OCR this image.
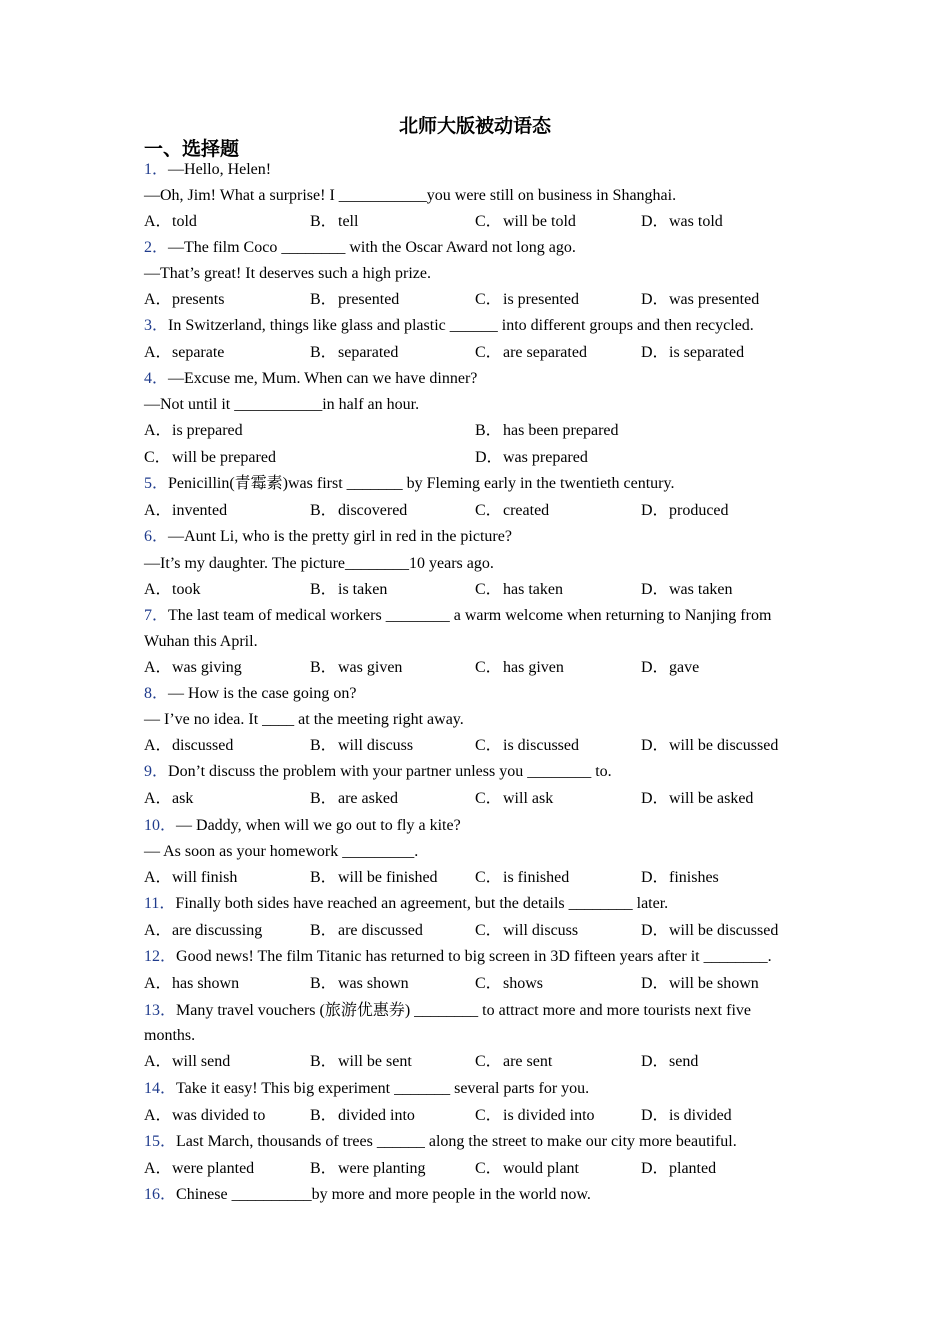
北师大版被动语态
一、选择题
1．—Hello, Helen!
—Oh, Jim! What a surprise! I ___________you were still on business in Shanghai.
A．told	B．tell	C．will be told	D．was told
2．—The film Coco ________ with the Oscar Award not long ago.
—That’s great! It deserves such a high prize.
A．presents	B．presented	C．is presented	D．was presented
3．In Switzerland, things like glass and plastic ______ into different groups and then recycled.
A．separate	B．separated	C．are separated	D．is separated
4．—Excuse me, Mum. When can we have dinner?
—Not until it ___________in half an hour.
A．is prepared	B．has been prepared
C．will be prepared	D．was prepared
5．Penicillin(青霉素)was first _______ by Fleming early in the twentieth century.
A．invented	B．discovered	C．created	D．produced
6．—Aunt Li, who is the pretty girl in red in the picture?
—It’s my daughter. The picture________10 years ago.
A．took	B．is taken	C．has taken	D．was taken
7．The last team of medical workers ________ a warm welcome when returning to Nanjing from
Wuhan this April.
A．was giving	B．was given	C．has given	D．gave
8．— How is the case going on?
— I’ve no idea. It ____ at the meeting right away.
A．discussed	B．will discuss	C．is discussed	D．will be discussed
9．Don’t discuss the problem with your partner unless you ________ to.
A．ask	B．are asked	C．will ask	D．will be asked
10．— Daddy, when will we go out to fly a kite?
— As soon as your homework _________.
A．will finish	B．will be finished C．is finished	D．finishes
11．Finally both sides have reached an agreement, but the details ________ later.
A．are discussing	B．are discussed	C．will discuss	D．will be discussed
12．Good news! The film Titanic has returned to big screen in 3D fifteen years after it ________.
A．has shown	B．was shown	C．shows	D．will be shown
13．Many travel vouchers (旅游优惠券) ________ to attract more and more tourists next five
months.
A．will send	B．will be sent	C．are sent	D．send
14．Take it easy! This big experiment _______ several parts for you.
A．was divided to	B．divided into	C．is divided into	D．is divided
15．Last March, thousands of trees ______ along the street to make our city more beautiful.
A．were planted	B．were planting	C．would plant	D．planted
16．Chinese __________by more and more people in the world now.
